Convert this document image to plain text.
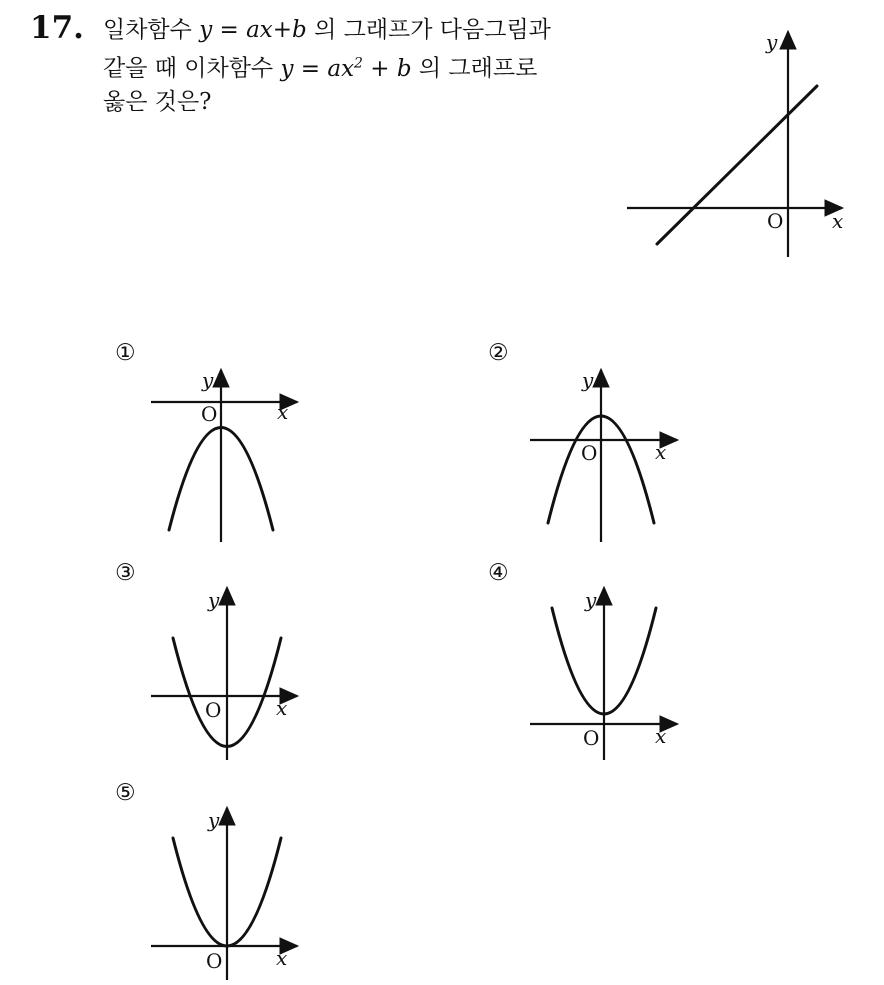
17. 일차함수 y = ax+b 의 그래프가 다음그림과
같을 때 이차함수 $y = ax^2 + b$ 의 그래프로
옳은 것은?
O x
y
①
O	x
y
②
O	x
y
③
O	x
y
④
O	x
y
⑤
O	x
y
